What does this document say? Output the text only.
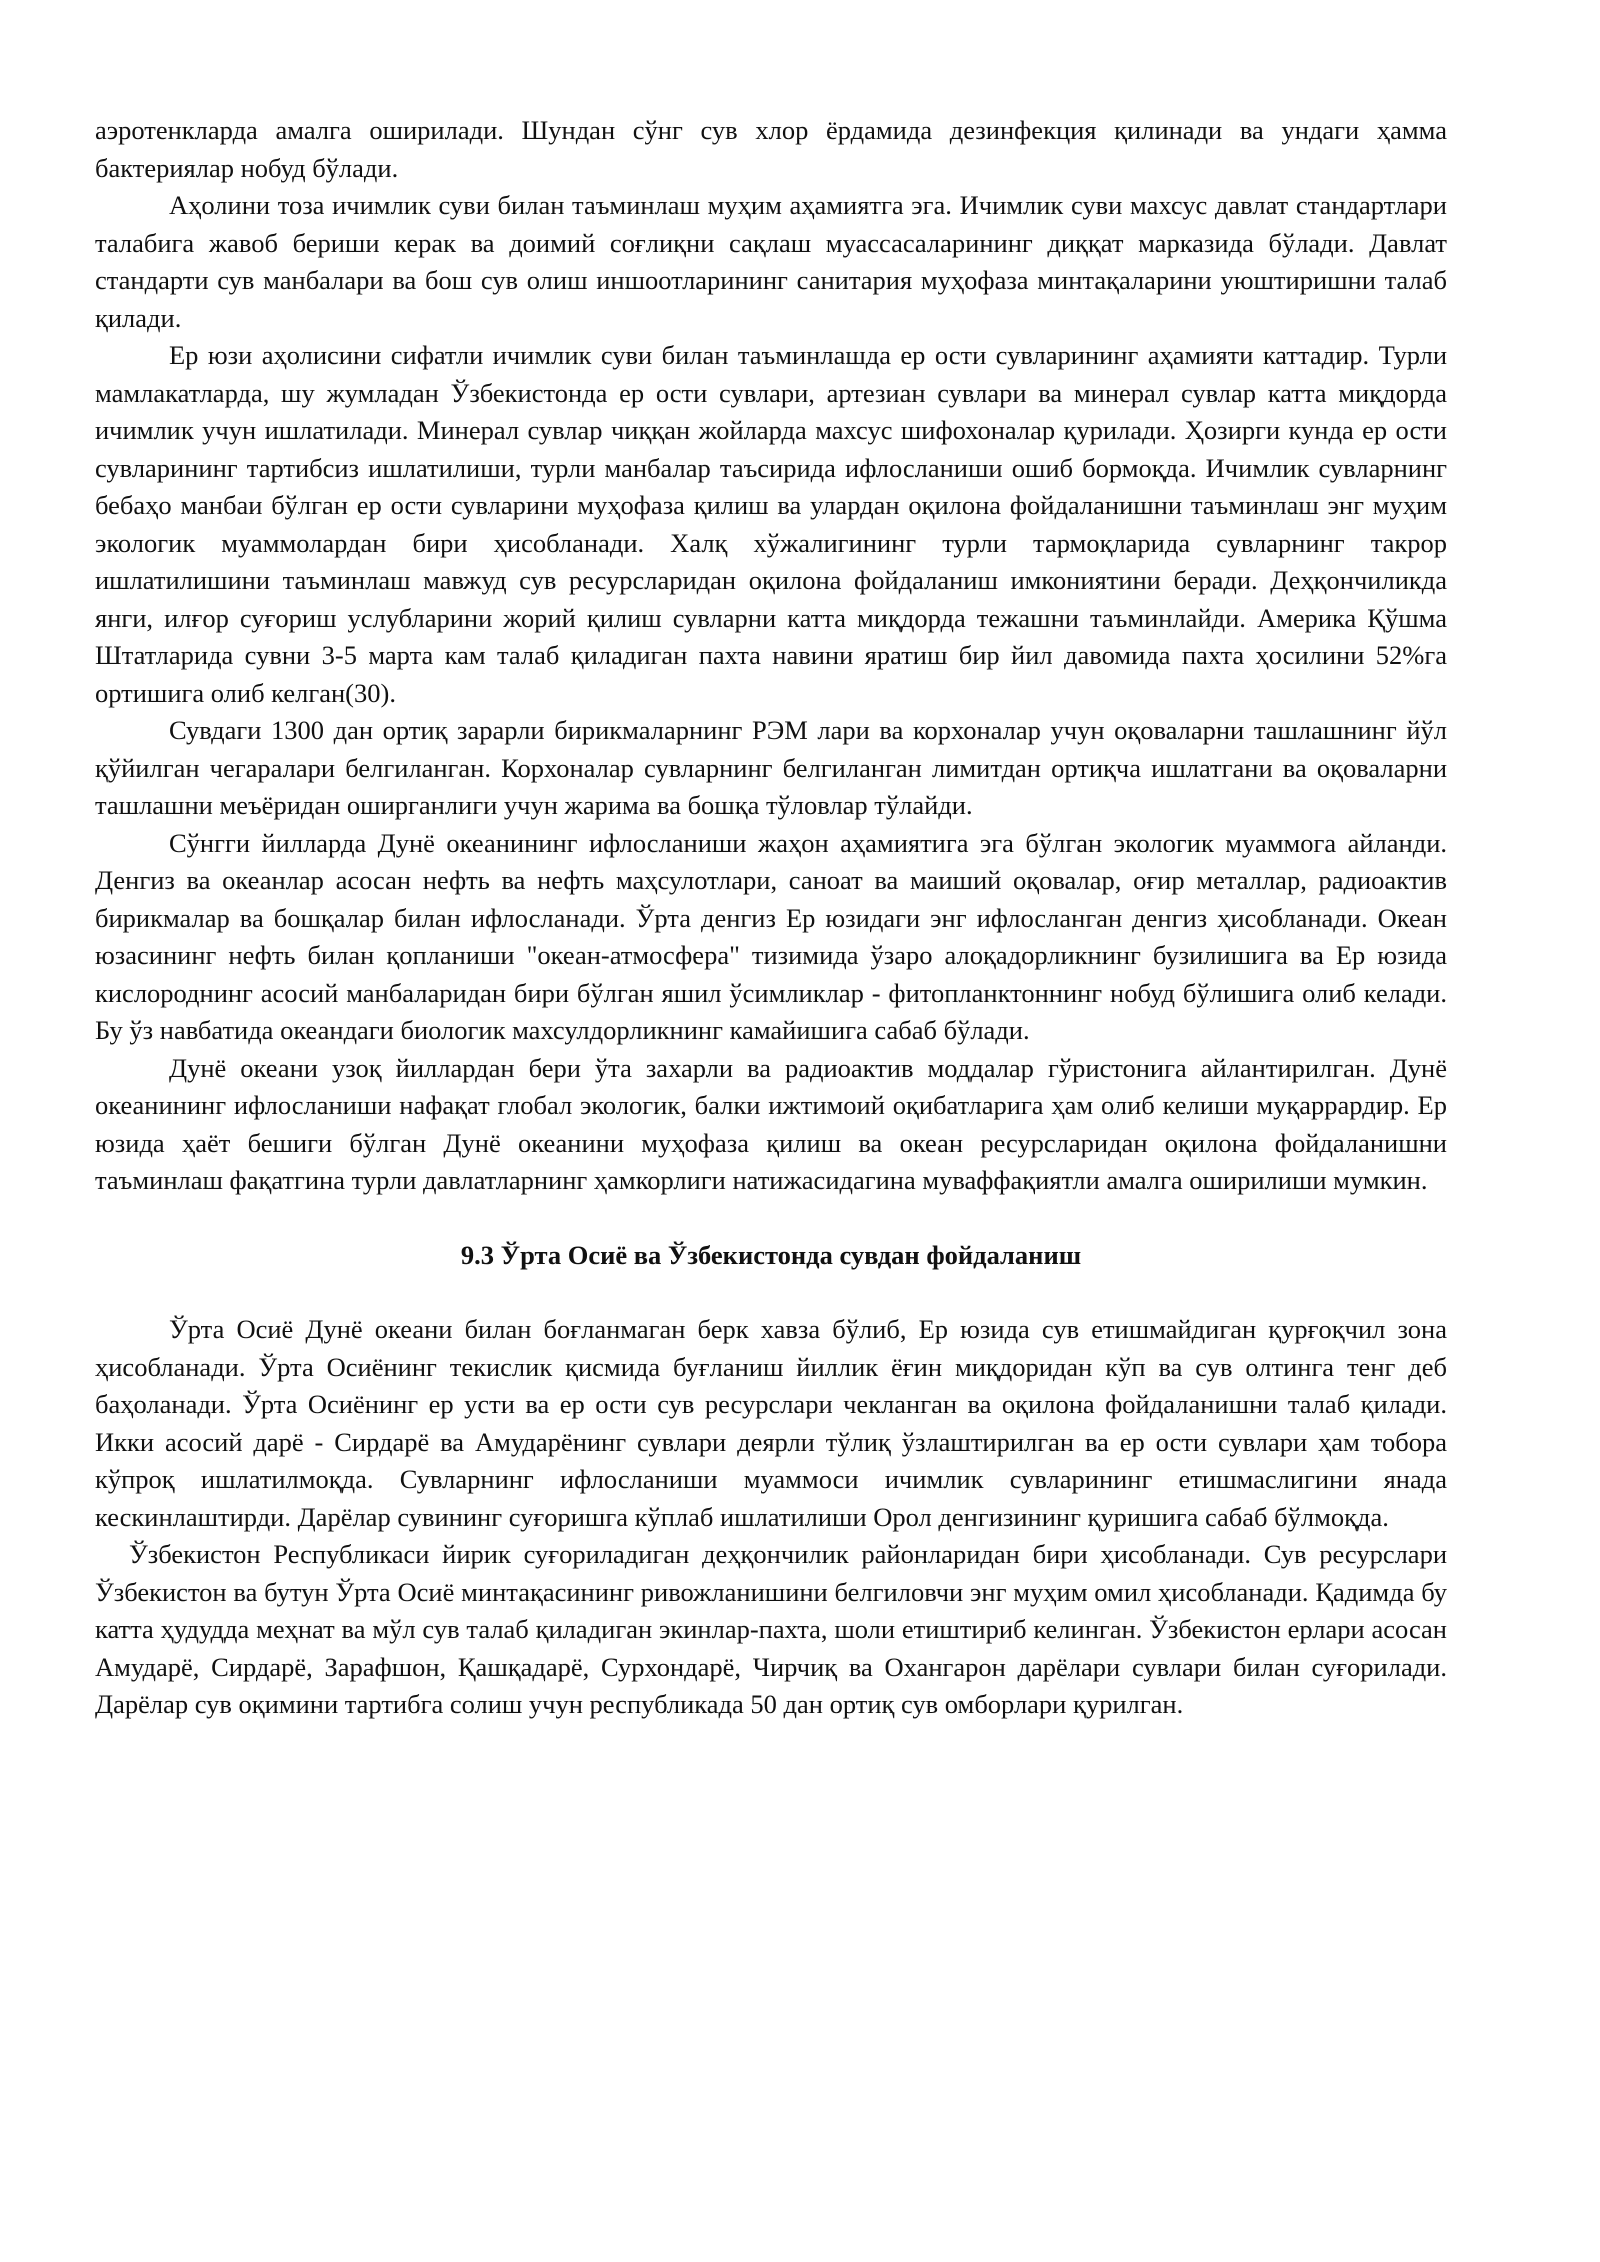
аэротенкларда амалга оширилади. Шундан сўнг сув хлор ёрдамида дезинфекция қилинади ва ундаги ҳамма бактериялар нобуд бўлади.

Аҳолини тоза ичимлик суви билан таъминлаш муҳим аҳамиятга эга. Ичимлик суви махсус давлат стандартлари талабига жавоб бериши керак ва доимий соғлиқни сақлаш муассасаларининг диққат марказида бўлади. Давлат стандарти сув манбалари ва бош сув олиш иншоотларининг санитария муҳофаза минтақаларини уюштиришни талаб қилади.

Ер юзи аҳолисини сифатли ичимлик суви билан таъминлашда ер ости сувларининг аҳамияти каттадир. Турли мамлакатларда, шу жумладан Ўзбекистонда ер ости сувлари, артезиан сувлари ва минерал сувлар катта миқдорда ичимлик учун ишлатилади. Минерал сувлар чиққан жойларда махсус шифохоналар қурилади. Ҳозирги кунда ер ости сувларининг тартибсиз ишлатилиши, турли манбалар таъсирида ифлосланиши ошиб бормоқда. Ичимлик сувларнинг бебаҳо манбаи бўлган ер ости сувларини муҳофаза қилиш ва улардан оқилона фойдаланишни таъминлаш энг муҳим экологик муаммолардан бири ҳисобланади. Халқ хўжалигининг турли тармоқларида сувларнинг такрор ишлатилишини таъминлаш мавжуд сув ресурсларидан оқилона фойдаланиш имкониятини беради. Деҳқончиликда янги, илғор суғориш услубларини жорий қилиш сувларни катта миқдорда тежашни таъминлайди. Америка Қўшма Штатларида сувни 3-5 марта кам талаб қиладиган пахта навини яратиш бир йил давомида пахта ҳосилини 52%га ортишига олиб келган(30).

Сувдаги 1300 дан ортиқ зарарли бирикмаларнинг РЭМ лари ва корхоналар учун оқоваларни ташлашнинг йўл қўйилган чегаралари белгиланган. Корхоналар сувларнинг белгиланган лимитдан ортиқча ишлатгани ва оқоваларни ташлашни меъёридан оширганлиги учун жарима ва бошқа тўловлар тўлайди.

Сўнгги йилларда Дунё океанининг ифлосланиши жаҳон аҳамиятига эга бўлган экологик муаммога айланди. Денгиз ва океанлар асосан нефть ва нефть маҳсулотлари, саноат ва маиший оқовалар, оғир металлар, радиоактив бирикмалар ва бошқалар билан ифлосланади. Ўрта денгиз Ер юзидаги энг ифлосланган денгиз ҳисобланади. Океан юзасининг нефть билан қопланиши "океан-атмосфера" тизимида ўзаро алоқадорликнинг бузилишига ва Ер юзида кислороднинг асосий манбаларидан бири бўлган яшил ўсимликлар - фитопланктоннинг нобуд бўлишига олиб келади. Бу ўз навбатида океандаги биологик махсулдорликнинг камайишига сабаб бўлади.

Дунё океани узоқ йиллардан бери ўта захарли ва радиоактив моддалар гўристонига айлантирилган. Дунё океанининг ифлосланиши нафақат глобал экологик, балки ижтимоий оқибатларига ҳам олиб келиши муқаррардир. Ер юзида ҳаёт бешиги бўлган Дунё океанини муҳофаза қилиш ва океан ресурсларидан оқилона фойдаланишни таъминлаш фақатгина турли давлатларнинг ҳамкорлиги натижасидагина муваффақиятли амалга оширилиши мумкин.

9.3 Ўрта Осиё ва Ўзбекистонда сувдан фойдаланиш

Ўрта Осиё Дунё океани билан боғланмаган берк хавза бўлиб, Ер юзида сув етишмайдиган қурғоқчил зона ҳисобланади. Ўрта Осиёнинг текислик қисмида буғланиш йиллик ёғин миқдоридан кўп ва сув олтинга тенг деб баҳоланади. Ўрта Осиёнинг ер усти ва ер ости сув ресурслари чекланган ва оқилона фойдаланишни талаб қилади. Икки асосий дарё - Сирдарё ва Амударёнинг сувлари деярли тўлиқ ўзлаштирилган ва ер ости сувлари ҳам тобора кўпроқ ишлатилмоқда. Сувларнинг ифлосланиши муаммоси ичимлик сувларининг етишмаслигини янада кескинлаштирди. Дарёлар сувининг суғоришга кўплаб ишлатилиши Орол денгизининг қуришига сабаб бўлмоқда.

Ўзбекистон Республикаси йирик суғориладиган деҳқончилик районларидан бири ҳисобланади. Сув ресурслари Ўзбекистон ва бутун Ўрта Осиё минтақасининг ривожланишини белгиловчи энг муҳим омил ҳисобланади. Қадимда бу катта ҳудудда меҳнат ва мўл сув талаб қиладиган экинлар-пахта, шоли етиштириб келинган. Ўзбекистон ерлари асосан Амударё, Сирдарё, Зарафшон, Қашқадарё, Сурхондарё, Чирчиқ ва Охангарон дарёлари сувлари билан суғорилади. Дарёлар сув оқимини тартибга солиш учун республикада 50 дан ортиқ сув омборлари қурилган.
